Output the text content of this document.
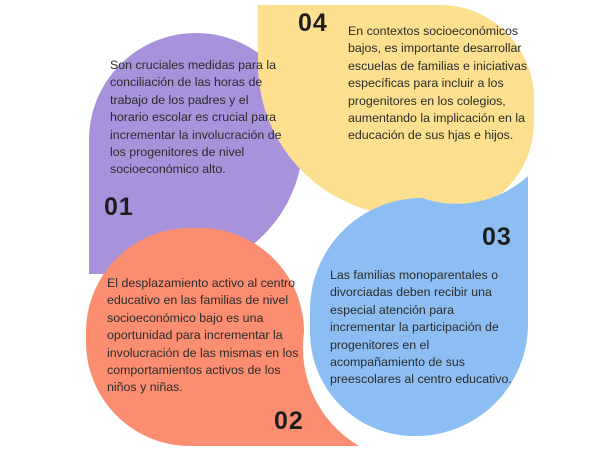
Son cruciales medidas para la conciliación de las horas de trabajo de los padres y el horario escolar es crucial para incrementar la involucración de los progenitores de nivel socioeconómico alto.

01
04 En contextos socioeconómicos bajos, es importante desarrollar escuelas de familias e iniciativas específicas para incluir a los progenitores en los colegios, aumentando la implicación en la educación de sus hjas e hijos.

El desplazamiento activo al centro educativo en las familias de nivel socioeconómico bajo es una oportunidad para incrementar la involucración de las mismas en los comportamientos activos de los niños y niñas.

02
03

Las familias monoparentales o divorciadas deben recibir una especial atención para incrementar la participación de progenitores en el acompañamiento de sus preescolares al centro educativo.
